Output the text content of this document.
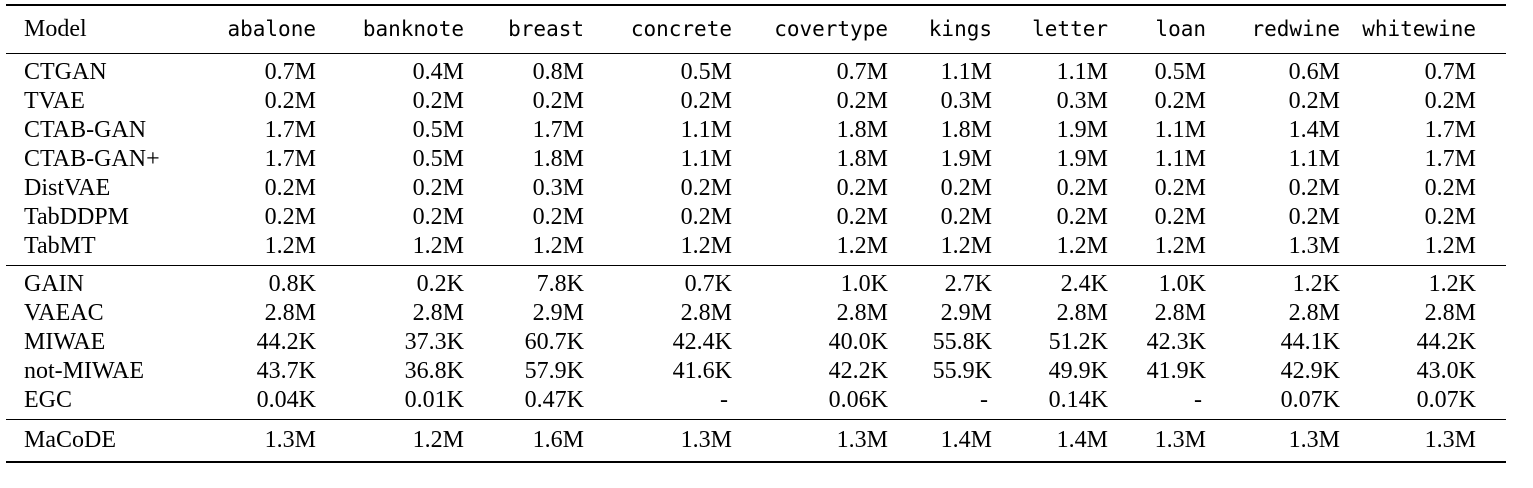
Model	abalone	banknote	breast	concrete	covertype	kings	letter	loan	redwine	whitewine
CTGAN	0.7M	0.4M	0.8M	0.5M	0.7M	1.1M	1.1M	0.5M	0.6M	0.7M
TVAE	0.2M	0.2M	0.2M	0.2M	0.2M	0.3M	0.3M	0.2M	0.2M	0.2M
CTAB-GAN	1.7M	0.5M	1.7M	1.1M	1.8M	1.8M	1.9M	1.1M	1.4M	1.7M
CTAB-GAN+	1.7M	0.5M	1.8M	1.1M	1.8M	1.9M	1.9M	1.1M	1.1M	1.7M
DistVAE	0.2M	0.2M	0.3M	0.2M	0.2M	0.2M	0.2M	0.2M	0.2M	0.2M
TabDDPM	0.2M	0.2M	0.2M	0.2M	0.2M	0.2M	0.2M	0.2M	0.2M	0.2M
TabMT	1.2M	1.2M	1.2M	1.2M	1.2M	1.2M	1.2M	1.2M	1.3M	1.2M
GAIN	0.8K	0.2K	7.8K	0.7K	1.0K	2.7K	2.4K	1.0K	1.2K	1.2K
VAEAC	2.8M	2.8M	2.9M	2.8M	2.8M	2.9M	2.8M	2.8M	2.8M	2.8M
MIWAE	44.2K	37.3K	60.7K	42.4K	40.0K	55.8K	51.2K	42.3K	44.1K	44.2K
not-MIWAE	43.7K	36.8K	57.9K	41.6K	42.2K	55.9K	49.9K	41.9K	42.9K	43.0K
EGC	0.04K	0.01K	0.47K	-	0.06K	-	0.14K	-	0.07K	0.07K
MaCoDE	1.3M	1.2M	1.6M	1.3M	1.3M	1.4M	1.4M	1.3M	1.3M	1.3M
